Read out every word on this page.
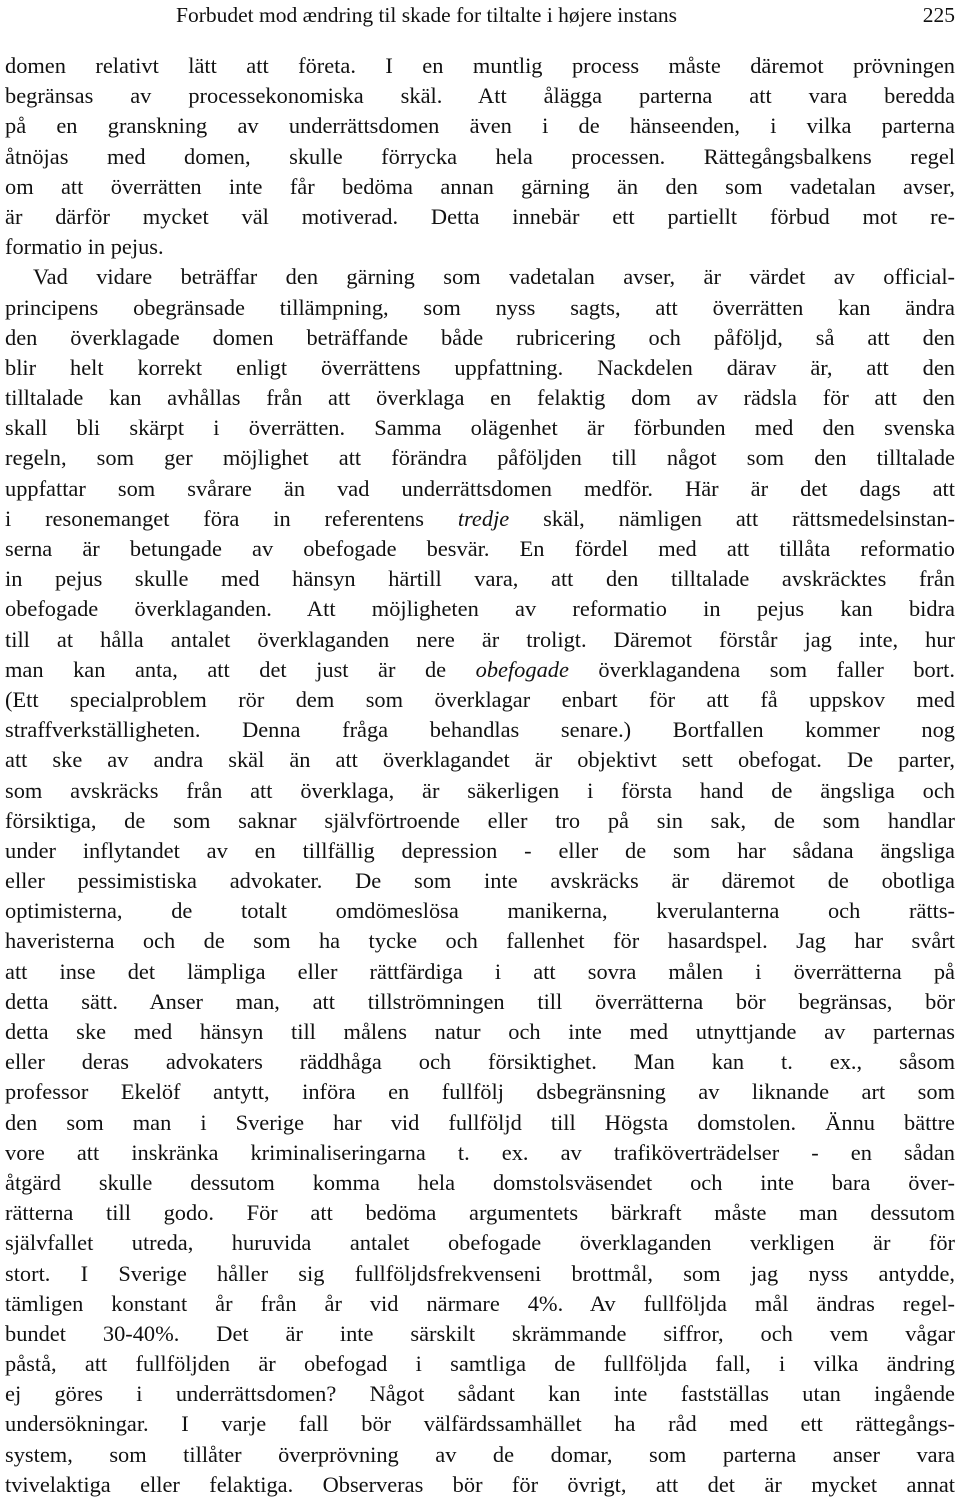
Forbudet mod ændring til skade for tiltalte i højere instans	225
domen relativt lätt att företa. I en muntlig process måste däremot prövningen
begränsas av processekonomiska skäl. Att ålägga parterna att vara beredda
på en granskning av underrättsdomen även i de hänseenden, i vilka parterna
åtnöjas med domen, skulle förrycka hela processen. Rättegångsbalkens regel
om att överrätten inte får bedöma annan gärning än den som vadetalan avser,
är därför mycket väl motiverad. Detta innebär ett partiellt förbud mot re-
formatio in pejus.
Vad vidare beträffar den gärning som vadetalan avser, är värdet av official-
principens obegränsade tillämpning, som nyss sagts, att överrätten kan ändra
den överklagade domen beträffande både rubricering och påföljd, så att den
blir helt korrekt enligt överrättens uppfattning. Nackdelen därav är, att den
tilltalade kan avhållas från att överklaga en felaktig dom av rädsla för att den
skall bli skärpt i överrätten. Samma olägenhet är förbunden med den svenska
regeln, som ger möjlighet att förändra påföljden till något som den tilltalade
uppfattar som svårare än vad underrättsdomen medför. Här är det dags att
i resonemanget föra in referentens tredje skäl, nämligen att rättsmedelsinstan-
serna är betungade av obefogade besvär. En fördel med att tillåta reformatio
in pejus skulle med hänsyn härtill vara, att den tilltalade avskräcktes från
obefogade överklaganden. Att möjligheten av reformatio in pejus kan bidra
till at hålla antalet överklaganden nere är troligt. Däremot förstår jag inte, hur
man kan anta, att det just är de obefogade överklagandena som faller bort.
(Ett specialproblem rör dem som överklagar enbart för att få uppskov med
straffverkställigheten. Denna fråga behandlas senare.) Bortfallen kommer nog
att ske av andra skäl än att överklagandet är objektivt sett obefogat. De parter,
som avskräcks från att överklaga, är säkerligen i första hand de ängsliga och
försiktiga, de som saknar självförtroende eller tro på sin sak, de som handlar
under inflytandet av en tillfällig depression - eller de som har sådana ängsliga
eller pessimistiska advokater. De som inte avskräcks är däremot de obotliga
optimisterna, de totalt omdömeslösa manikerna, kverulanterna och rätts-
haveristerna och de som ha tycke och fallenhet för hasardspel. Jag har svårt
att inse det lämpliga eller rättfärdiga i att sovra målen i överrätterna på
detta sätt. Anser man, att tillströmningen till överrätterna bör begränsas, bör
detta ske med hänsyn till målens natur och inte med utnyttjande av parternas
eller deras advokaters räddhåga och försiktighet. Man kan t. ex., såsom
professor Ekelöf antytt, införa en fullfölj dsbegränsning av liknande art som
den som man i Sverige har vid fullföljd till Högsta domstolen. Ännu bättre
vore att inskränka kriminaliseringarna t. ex. av trafiköverträdelser - en sådan
åtgärd skulle dessutom komma hela domstolsväsendet och inte bara över-
rätterna till godo. För att bedöma argumentets bärkraft måste man dessutom
självfallet utreda, huruvida antalet obefogade överklaganden verkligen är för
stort. I Sverige håller sig fullföljdsfrekvenseni brottmål, som jag nyss antydde,
tämligen konstant år från år vid närmare 4%. Av fullföljda mål ändras regel-
bundet 30-40%. Det är inte särskilt skrämmande siffror, och vem vågar
påstå, att fullföljden är obefogad i samtliga de fullföljda fall, i vilka ändring
ej göres i underrättsdomen? Något sådant kan inte fastställas utan ingående
undersökningar. I varje fall bör välfärdssamhället ha råd med ett rättegångs-
system, som tillåter överprövning av de domar, som parterna anser vara
tvivelaktiga eller felaktiga. Observeras bör för övrigt, att det är mycket annat
